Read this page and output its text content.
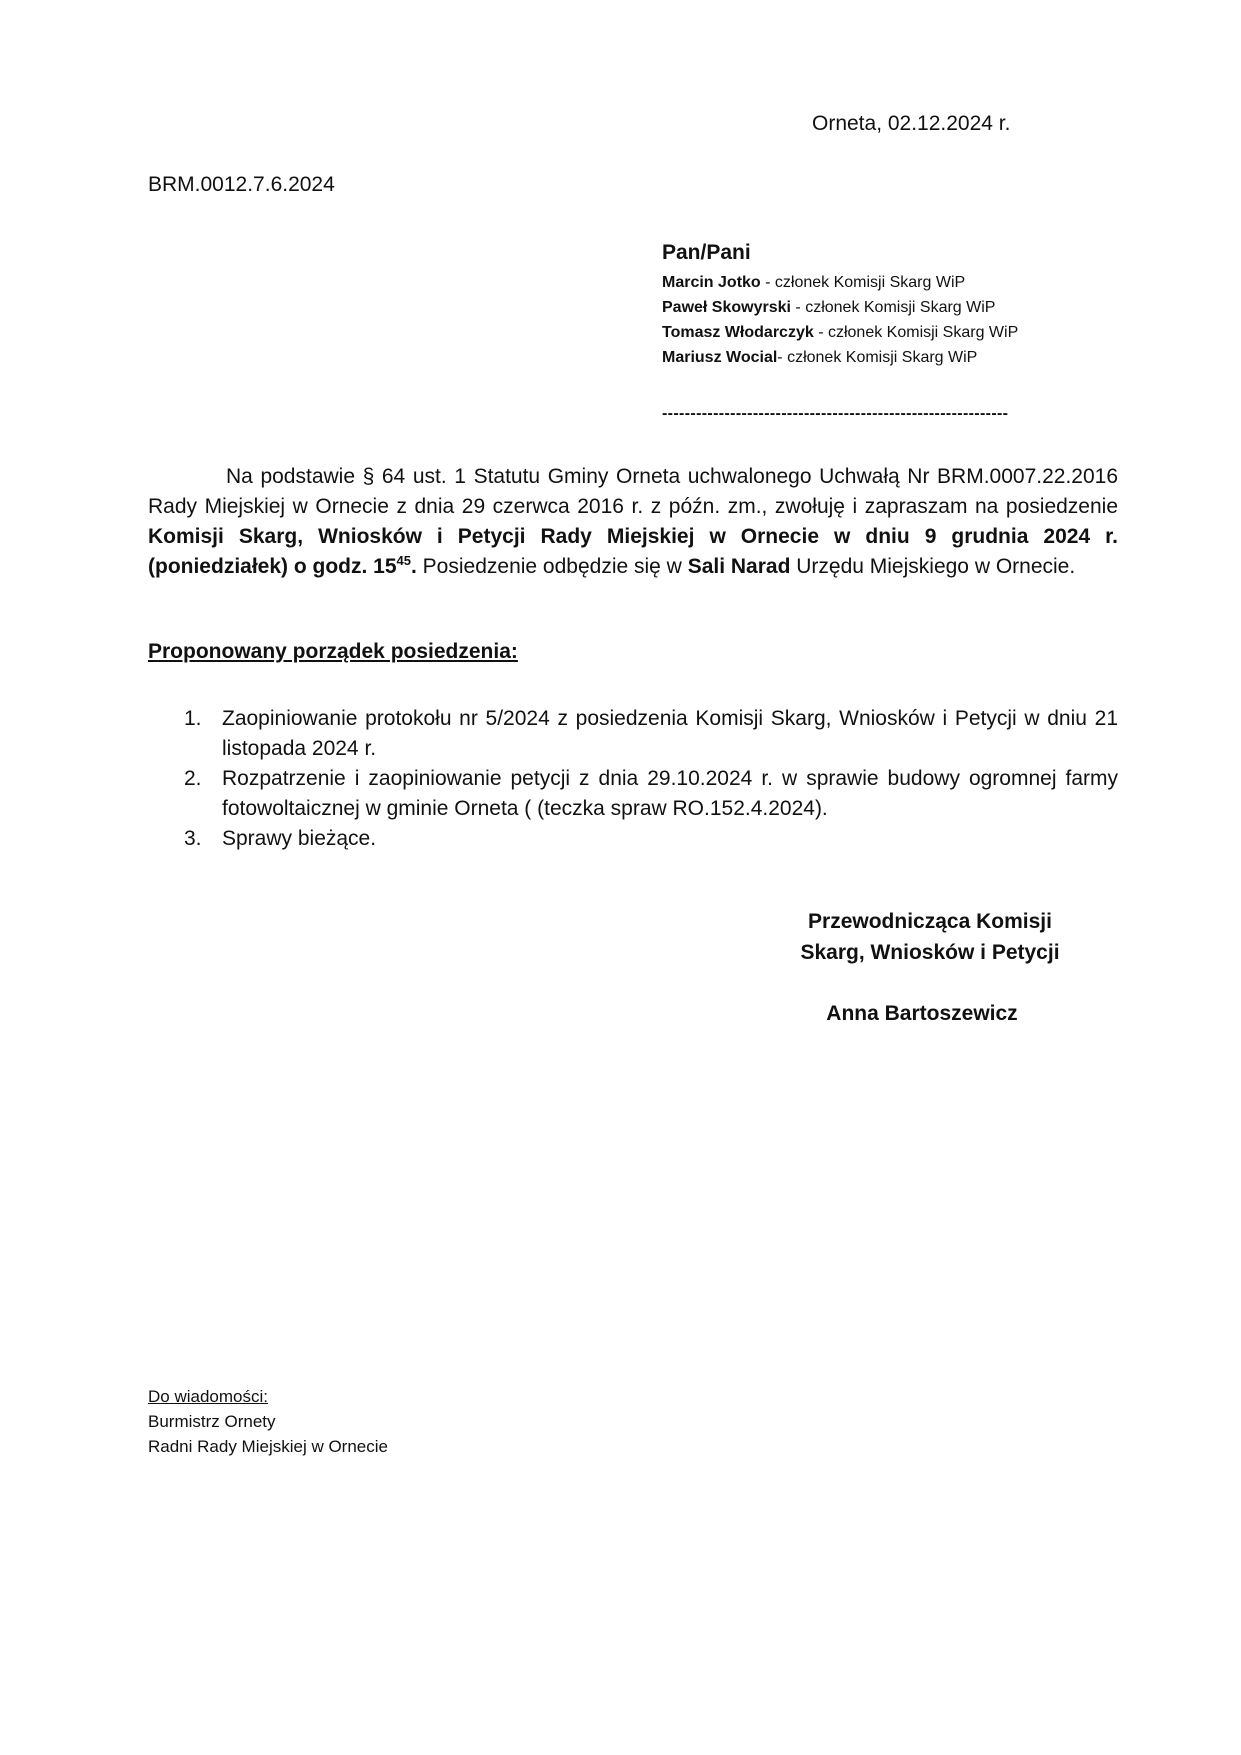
Orneta, 02.12.2024 r.

BRM.0012.7.6.2024

Pan/Pani
Marcin Jotko - członek Komisji Skarg WiP
Paweł Skowyrski - członek Komisji Skarg WiP
Tomasz Włodarczyk - członek Komisji Skarg WiP
Mariusz Wocial- członek Komisji Skarg WiP
-------------------------------------------------------------

Na podstawie § 64 ust. 1 Statutu Gminy Orneta uchwalonego Uchwałą Nr BRM.0007.22.2016 Rady Miejskiej w Ornecie z dnia 29 czerwca 2016 r. z późn. zm., zwołuję i zapraszam na posiedzenie Komisji Skarg, Wniosków i Petycji Rady Miejskiej w Ornecie w dniu 9 grudnia 2024 r. (poniedziałek) o godz. $15^{45}$. Posiedzenie odbędzie się w Sali Narad Urzędu Miejskiego w Ornecie.

Proponowany porządek posiedzenia:

1. Zaopiniowanie protokołu nr 5/2024 z posiedzenia Komisji Skarg, Wniosków i Petycji w dniu 21 listopada 2024 r.
2. Rozpatrzenie i zaopiniowanie petycji z dnia 29.10.2024 r. w sprawie budowy ogromnej farmy fotowoltaicznej w gminie Orneta ( (teczka spraw RO.152.4.2024).
3. Sprawy bieżące.
Przewodnicząca Komisji
Skarg, Wniosków i Petycji
Anna Bartoszewicz
Do wiadomości:
Burmistrz Ornety
Radni Rady Miejskiej w Ornecie
